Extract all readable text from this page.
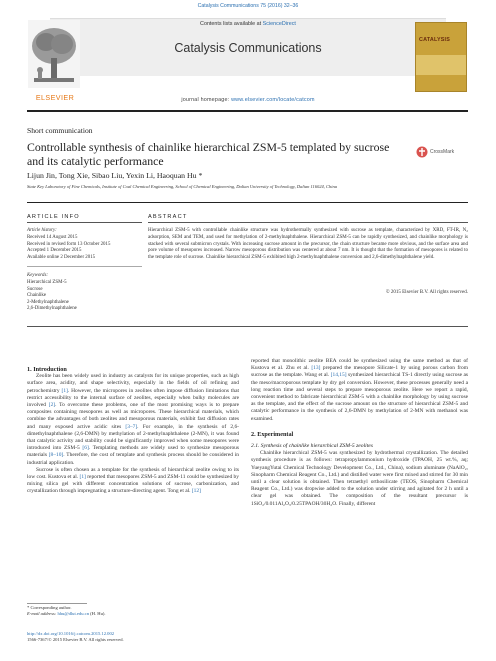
Catalysis Communications 75 (2016) 32–36
Contents lists available at ScienceDirect
Catalysis Communications
ELSEVIER
CATALYSIS
journal homepage: www.elsevier.com/locate/catcom
Short communication
Controllable synthesis of chainlike hierarchical ZSM-5 templated by sucrose and its catalytic performance
CrossMark
Lijun Jin, Tong Xie, Sibao Liu, Yexin Li, Haoquan Hu *
State Key Laboratory of Fine Chemicals, Institute of Coal Chemical Engineering, School of Chemical Engineering, Dalian University of Technology, Dalian 116024, China
ARTICLE INFO	ABSTRACT
Article history:
Received 14 August 2015
Received in revised form 13 October 2015
Accepted 1 December 2015
Available online 2 December 2015
Keywords:
Hierarchical ZSM-5
Sucrose
Chainlike
2-Methylnaphthalene
2,6-Dimethylnaphthalene
Hierarchical ZSM-5 with controllable chainlike structure was hydrothermally synthesized with sucrose as template, characterized by XRD, FT-IR, N₂ adsorption, SEM and TEM, and used for methylation of 2-methylnaphthalene. Hierarchical ZSM-5 can be rapidly synthesized, and chainlike morphology is stacked with several submicron crystals. With increasing sucrose amount in the precursor, the chain structure became more obvious, and the surface area and pore volume of mesopores increased. Narrow mesoporous distribution was centered at about 7 nm. It is thought that the formation of mesopores is related to the template role of sucrose. Chainlike hierarchical ZSM-5 exhibited high 2-methylnaphthalene conversion and 2,6-dimethylnaphthalene yield.
© 2015 Elsevier B.V. All rights reserved.

1. Introduction

Zeolite has been widely used in industry as catalysts for its unique properties, such as high surface area, acidity, and shape selectivity, especially in the fields of oil refining and petrochemistry [1]. However, the micropores in zeolites often impose diffusion limitations that restrict accessibility to the internal surface of zeolites, especially when bulky molecules are involved [2]. To overcome these problems, one of the most promising ways is to prepare composites containing mesopores as well as micropores. These hierarchical materials, which combine the advantages of both zeolites and mesoporous materials, exhibit fast diffusion rates and many exposed active acidic sites [3–7]. For example, in the synthesis of 2,6-dimethylnaphthalene (2,6-DMN) by methylation of 2-methylnaphthalene (2-MN), it was found that catalytic activity and stability could be significantly improved when some mesopores were introduced into ZSM-5 [6]. Templating methods are widely used to synthesize mesoporous materials [8–10]. Therefore, the cost of template and synthesis process should be considered in industrial application.

Sucrose is often chosen as a template for the synthesis of hierarchical zeolite owing to its low cost. Kustova et al. [1] reported that mesopores ZSM-5 and ZSM-11 could be synthesized by mixing silica gel with different concentration solutions of sucrose, carbonization, and crystallization through impregnating a structure-directing agent. Tong et al. [12]

reported that monolithic zeolite BEA could be synthesized using the same method as that of Kustova et al. Zhu et al. [13] prepared the mesopore Silicate-1 by using porous carbon from sucrose as the template. Wang et al. [14,15] synthesized hierarchical TS-1 directly using sucrose as the meso/macroporous template by dry gel conversion. However, these processes generally need a long reaction time and several steps to prepare mesoporous zeolite. Here we report a rapid, convenient method to fabricate hierarchical ZSM-5 with a chainlike morphology by using sucrose as the template, and the effect of the sucrose amount on the structure of hierarchical ZSM-5 and catalytic performance in the synthesis of 2,6-DMN by methylation of 2-MN with methanol was examined.

2. Experimental

2.1. Synthesis of chainlike hierarchical ZSM-5 zeolites

Chainlike hierarchical ZSM-5 was synthesized by hydrothermal crystallization. The detailed synthesis procedure is as follows: tetrapropylammonium hydroxide (TPAOH, 25 wt.%, aq; YueyangYutai Chemical Technology Development Co., Ltd., China), sodium aluminate (NaAlO₂, Sinopharm Chemical Reagent Co., Ltd.) and distilled water were first mixed and stirred for 30 min until a clear solution is obtained. Then tetraethyl orthosilicate (TEOS, Sinopharm Chemical Reagent Co., Ltd.) was dropwise added to the solution under stirring and agitated for 2 h until a clear gel was obtained. The composition of the resultant precursor is 1SiO₂/0.011Al₂O₃/0.25TPAOH/30H₂O. Finally, different

* Corresponding author.
E-mail address: hhu@dlut.edu.cn (H. Hu).
http://dx.doi.org/10.1016/j.catcom.2015.12.002
1566-7367/© 2015 Elsevier B.V. All rights reserved.
